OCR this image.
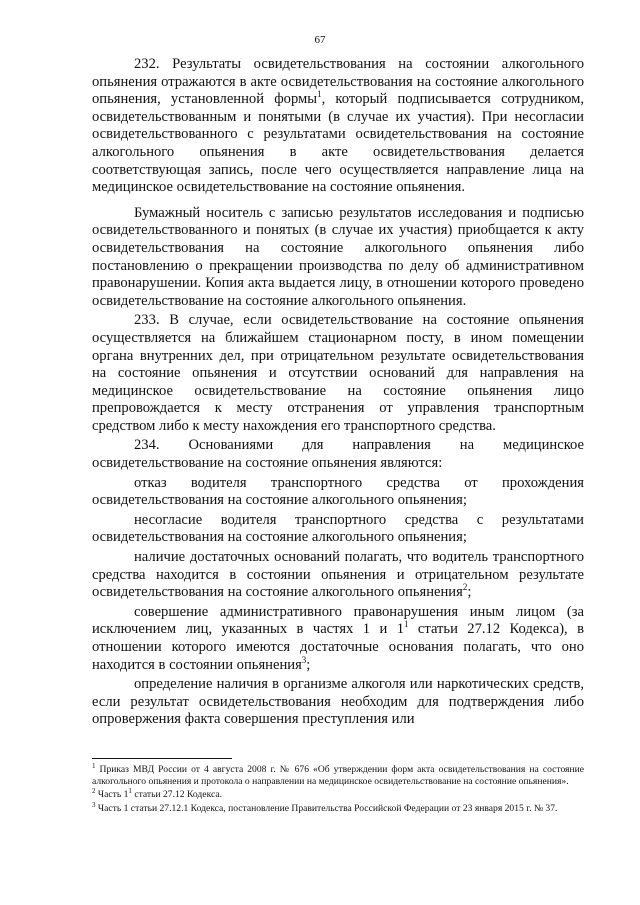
67

232. Результаты освидетельствования на состоянии алкогольного опьянения отражаются в акте освидетельствования на состояние алкогольного опьянения, установленной формы$^1$, который подписывается сотрудником, освидетельствованным и понятыми (в случае их участия). При несогласии освидетельствованного с результатами освидетельствования на состояние алкогольного опьянения в акте освидетельствования делается соответствующая запись, после чего осуществляется направление лица на медицинское освидетельствование на состояние опьянения.

Бумажный носитель с записью результатов исследования и подписью освидетельствованного и понятых (в случае их участия) приобщается к акту освидетельствования на состояние алкогольного опьянения либо постановлению о прекращении производства по делу об административном правонарушении. Копия акта выдается лицу, в отношении которого проведено освидетельствование на состояние алкогольного опьянения.

233. В случае, если освидетельствование на состояние опьянения осуществляется на ближайшем стационарном посту, в ином помещении органа внутренних дел, при отрицательном результате освидетельствования на состояние опьянения и отсутствии оснований для направления на медицинское освидетельствование на состояние опьянения лицо препровождается к месту отстранения от управления транспортным средством либо к месту нахождения его транспортного средства.

234. Основаниями для направления на медицинское освидетельствование на состояние опьянения являются:

отказ водителя транспортного средства от прохождения освидетельствования на состояние алкогольного опьянения;

несогласие водителя транспортного средства с результатами освидетельствования на состояние алкогольного опьянения;

наличие достаточных оснований полагать, что водитель транспортного средства находится в состоянии опьянения и отрицательном результате освидетельствования на состояние алкогольного опьянения$^2$;

совершение административного правонарушения иным лицом (за исключением лиц, указанных в частях 1 и $1^1$ статьи 27.12 Кодекса), в отношении которого имеются достаточные основания полагать, что оно находится в состоянии опьянения$^3$;

определение наличия в организме алкоголя или наркотических средств, если результат освидетельствования необходим для подтверждения либо опровержения факта совершения преступления или

$^1$ Приказ МВД России от 4 августа 2008 г. № 676 «Об утверждении форм акта освидетельствования на состояние алкогольного опьянения и протокола о направлении на медицинское освидетельствование на состояние опьянения».

$^2$ Часть $1^1$ статьи 27.12 Кодекса.

$^3$ Часть 1 статьи 27.12.1 Кодекса, постановление Правительства Российской Федерации от 23 января 2015 г. № 37.
